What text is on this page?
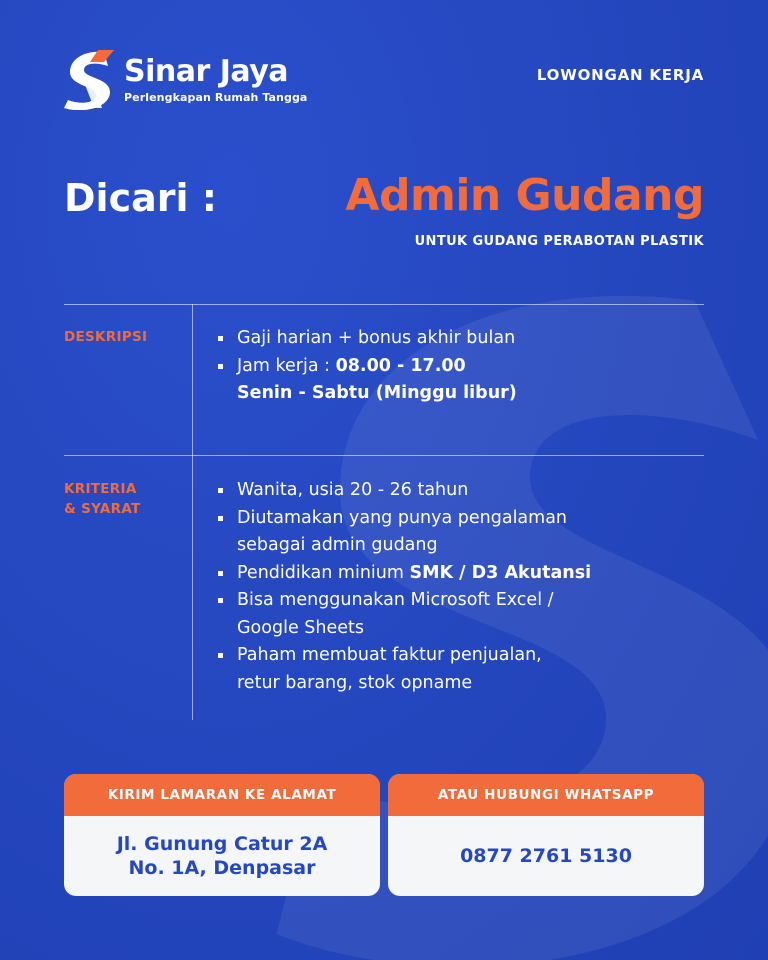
Sinar Jaya
Perlengkapan Rumah Tangga
LOWONGAN KERJA
Dicari :	Admin Gudang
UNTUK GUDANG PERABOTAN PLASTIK
DESKRIPSI	Gaji harian + bonus akhir bulan
Jam kerja : 08.00 - 17.00
Senin - Sabtu (Minggu libur)
KRITERIA
& SYARAT
Wanita, usia 20 - 26 tahun
Diutamakan yang punya pengalaman
sebagai admin gudang
Pendidikan minium SMK / D3 Akutansi
Bisa menggunakan Microsoft Excel /
Google Sheets
Paham membuat faktur penjualan,
retur barang, stok opname
KIRIM LAMARAN KE ALAMAT
Jl. Gunung Catur 2A
No. 1A, Denpasar
ATAU HUBUNGI WHATSAPP
0877 2761 5130
